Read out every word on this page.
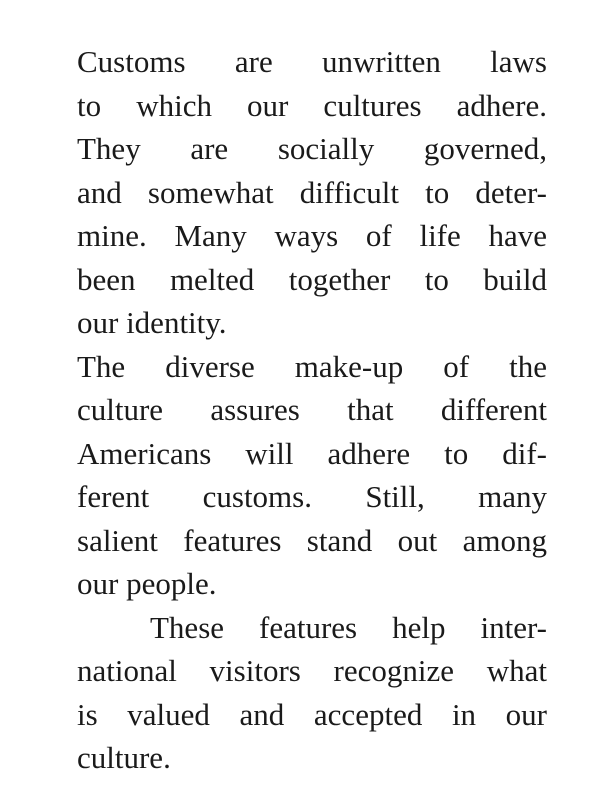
Customs are unwritten laws
to which our cultures adhere.
They are socially governed,
and somewhat difficult to deter-
mine. Many ways of life have
been melted together to build
our identity.
The diverse make-up of the
culture assures that different
Americans will adhere to dif-
ferent customs. Still, many
salient features stand out among
our people.
These features help inter-
national visitors recognize what
is valued and accepted in our
culture.
